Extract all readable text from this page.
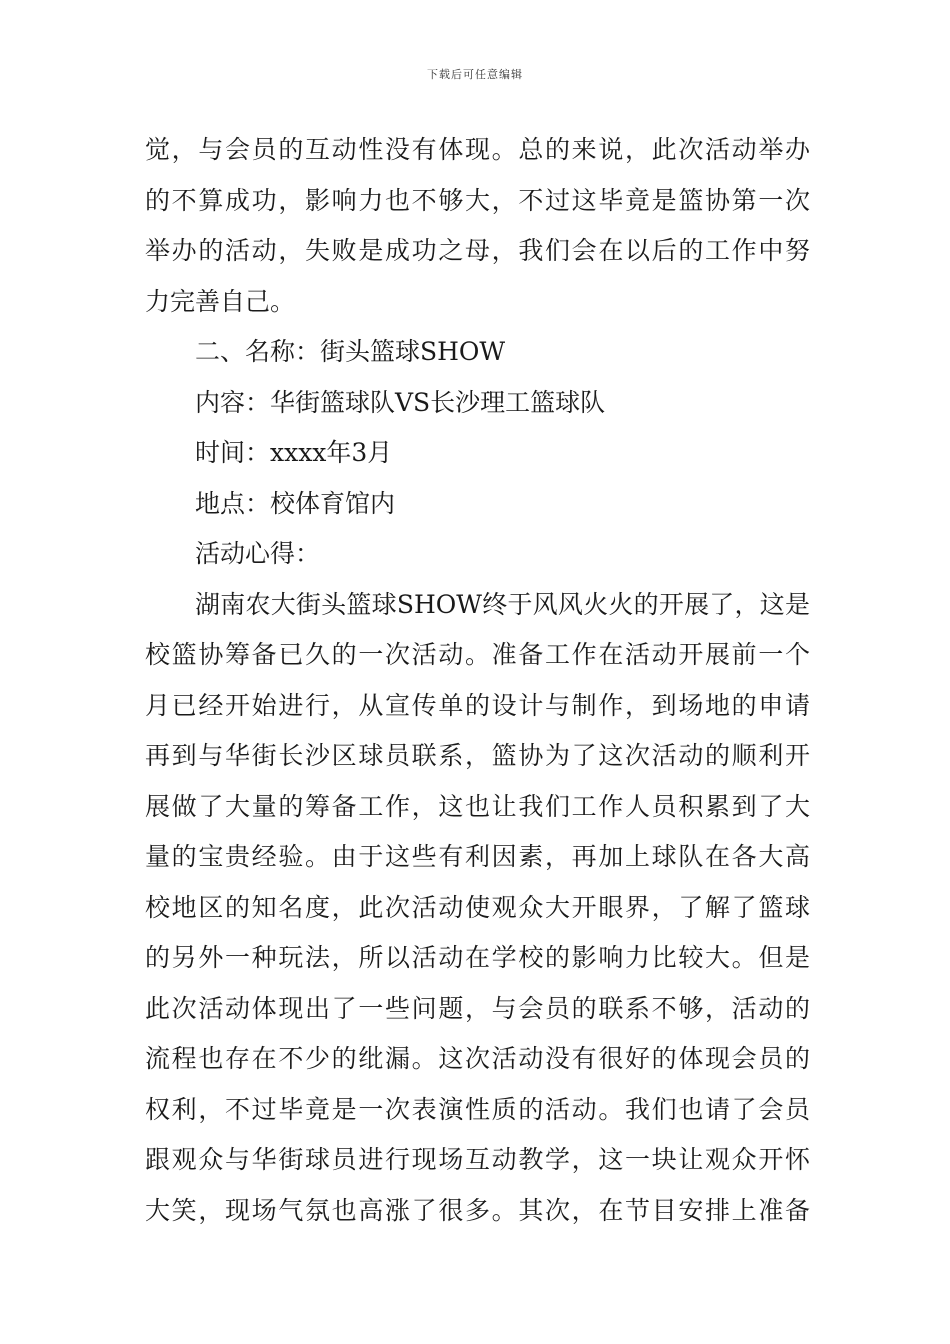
下载后可任意编辑
觉，与会员的互动性没有体现。总的来说，此次活动举办
的不算成功，影响力也不够大，不过这毕竟是篮协第一次
举办的活动，失败是成功之母，我们会在以后的工作中努
力完善自己。
二、名称：街头篮球SHOW
内容：华街篮球队VS长沙理工篮球队
时间：xxxx年3月
地点：校体育馆内
活动心得：
湖南农大街头篮球SHOW终于风风火火的开展了，这是
校篮协筹备已久的一次活动。准备工作在活动开展前一个
月已经开始进行，从宣传单的设计与制作，到场地的申请
再到与华街长沙区球员联系，篮协为了这次活动的顺利开
展做了大量的筹备工作，这也让我们工作人员积累到了大
量的宝贵经验。由于这些有利因素，再加上球队在各大高
校地区的知名度，此次活动使观众大开眼界，了解了篮球
的另外一种玩法，所以活动在学校的影响力比较大。但是
此次活动体现出了一些问题，与会员的联系不够，活动的
流程也存在不少的纰漏。这次活动没有很好的体现会员的
权利，不过毕竟是一次表演性质的活动。我们也请了会员
跟观众与华街球员进行现场互动教学，这一块让观众开怀
大笑，现场气氛也高涨了很多。其次，在节目安排上准备
